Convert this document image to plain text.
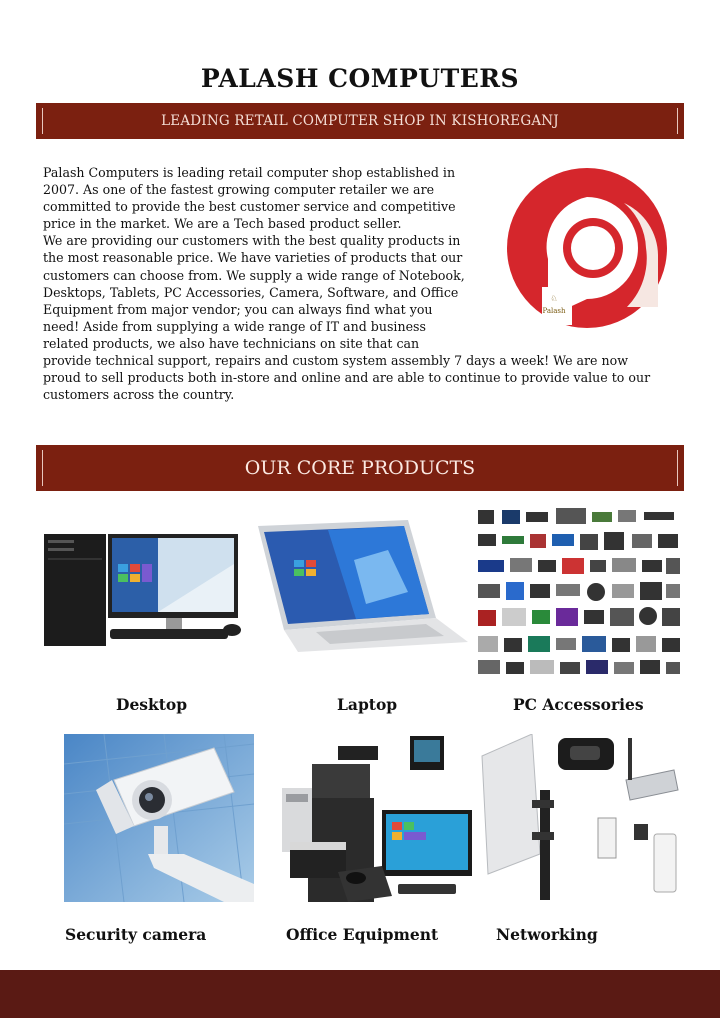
PALASH COMPUTERS
LEADING RETAIL COMPUTER SHOP IN KISHOREGANJ
Palash Computers is leading retail computer shop established in
2007. As one of the fastest growing computer retailer we are
committed to provide the best customer service and competitive
price in the market. We are a Tech based product seller.
We are providing our customers with the best quality products in
the most reasonable price. We have varieties of products that our
customers can choose from. We supply a wide range of Notebook,
Desktops, Tablets, PC Accessories, Camera, Software, and Office
Equipment from major vendor; you can always find what you
need! Aside from supplying a wide range of IT and business
related products, we also have technicians on site that can
provide technical support, repairs and custom system assembly 7 days a week! We are now
proud to sell products both in-store and online and are able to continue to provide value to our
customers across the country.
♘
Palash
OUR CORE PRODUCTS
Desktop	Laptop	PC Accessories
Security camera	Office Equipment	Networking
